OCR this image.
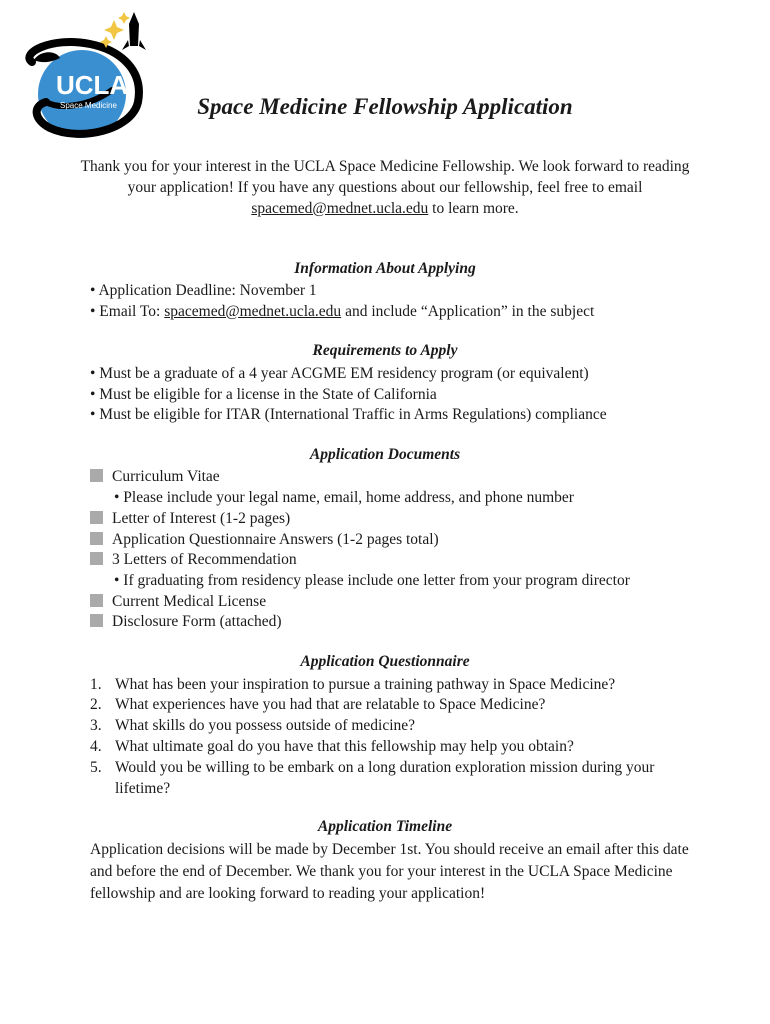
UCLA
Space Medicine	Space Medicine Fellowship Application

Thank you for your interest in the UCLA Space Medicine Fellowship. We look forward to reading your application! If you have any questions about our fellowship, feel free to email spacemed@mednet.ucla.edu to learn more.

Information About Applying

• Application Deadline: November 1

• Email To: spacemed@mednet.ucla.edu and include “Application” in the subject

Requirements to Apply

• Must be a graduate of a 4 year ACGME EM residency program (or equivalent)

• Must be eligible for a license in the State of California

• Must be eligible for ITAR (International Traffic in Arms Regulations) compliance

Application Documents

Curriculum Vitae

• Please include your legal name, email, home address, and phone number

Letter of Interest (1-2 pages)

Application Questionnaire Answers (1-2 pages total)

3 Letters of Recommendation

• If graduating from residency please include one letter from your program director

Current Medical License

Disclosure Form (attached)

Application Questionnaire

1. What has been your inspiration to pursue a training pathway in Space Medicine?

2. What experiences have you had that are relatable to Space Medicine?

3. What skills do you possess outside of medicine?

4. What ultimate goal do you have that this fellowship may help you obtain?

5. Would you be willing to be embark on a long duration exploration mission during your lifetime?

Application Timeline

Application decisions will be made by December 1st. You should receive an email after this date and before the end of December. We thank you for your interest in the UCLA Space Medicine fellowship and are looking forward to reading your application!
